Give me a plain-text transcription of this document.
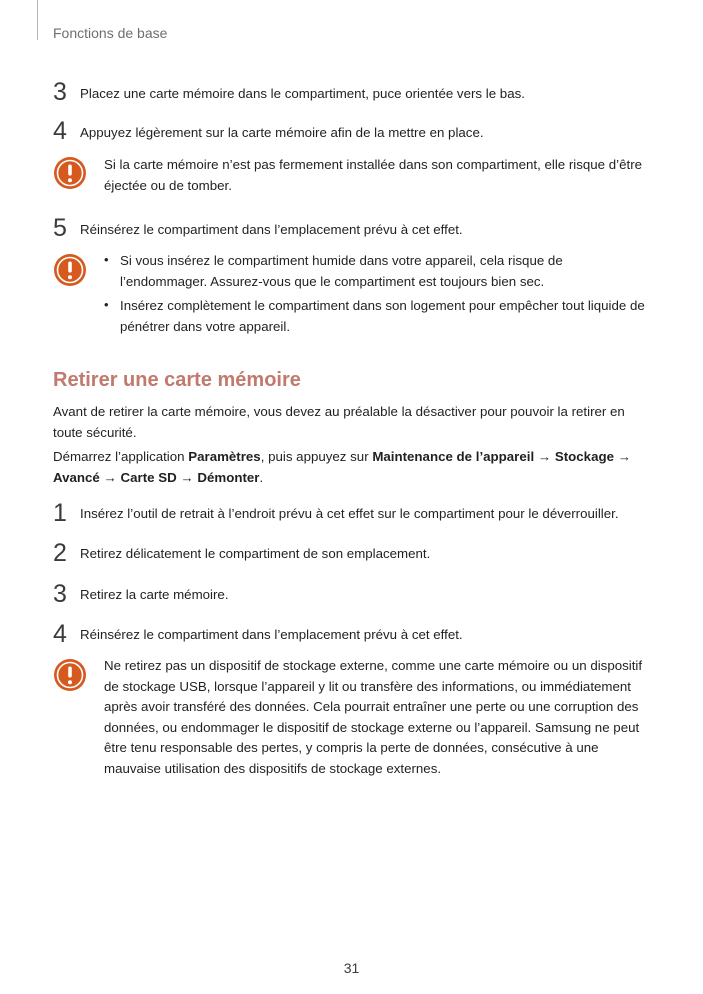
Fonctions de base
3 Placez une carte mémoire dans le compartiment, puce orientée vers le bas.
4 Appuyez légèrement sur la carte mémoire afin de la mettre en place.
Si la carte mémoire n’est pas fermement installée dans son compartiment, elle risque d’être éjectée ou de tomber.
5 Réinsérez le compartiment dans l’emplacement prévu à cet effet.
• Si vous insérez le compartiment humide dans votre appareil, cela risque de l’endommager. Assurez-vous que le compartiment est toujours bien sec.
• Insérez complètement le compartiment dans son logement pour empêcher tout liquide de pénétrer dans votre appareil.
Retirer une carte mémoire
Avant de retirer la carte mémoire, vous devez au préalable la désactiver pour pouvoir la retirer en toute sécurité.
Démarrez l’application Paramètres, puis appuyez sur Maintenance de l’appareil → Stockage →
Avancé → Carte SD → Démonter.
1 Insérez l’outil de retrait à l’endroit prévu à cet effet sur le compartiment pour le déverrouiller.
2 Retirez délicatement le compartiment de son emplacement.
3 Retirez la carte mémoire.
4 Réinsérez le compartiment dans l’emplacement prévu à cet effet.
Ne retirez pas un dispositif de stockage externe, comme une carte mémoire ou un dispositif de stockage USB, lorsque l’appareil y lit ou transfère des informations, ou immédiatement après avoir transféré des données. Cela pourrait entraîner une perte ou une corruption des données, ou endommager le dispositif de stockage externe ou l’appareil. Samsung ne peut être tenu responsable des pertes, y compris la perte de données, consécutive à une mauvaise utilisation des dispositifs de stockage externes.
31
